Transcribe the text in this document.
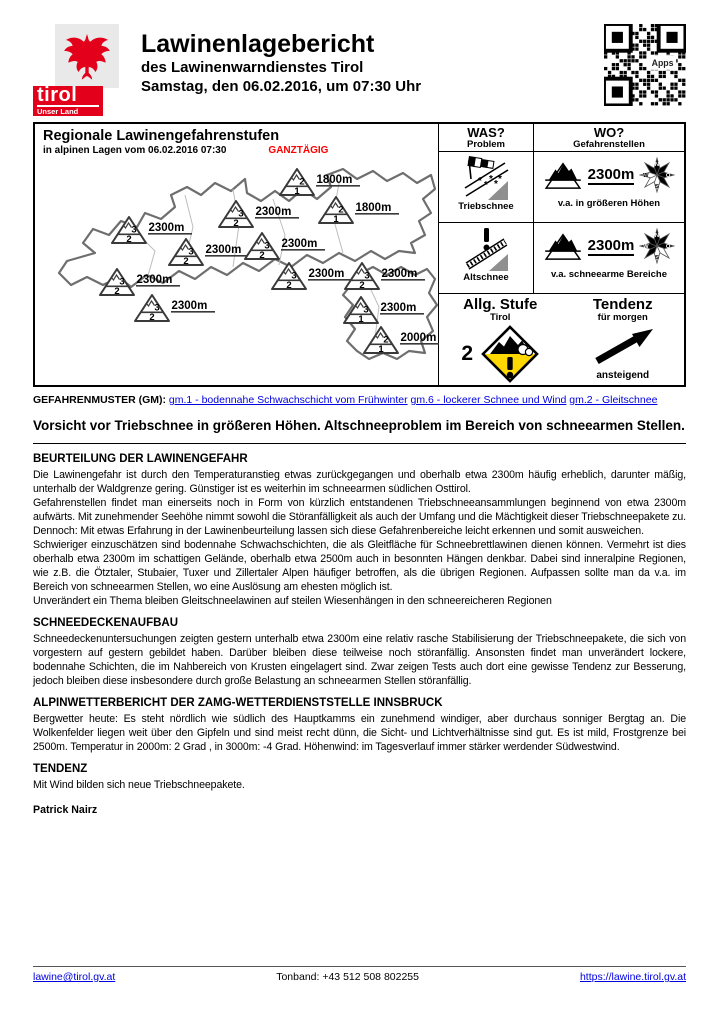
tirol
Unser Land
Lawinenlagebericht
des Lawinenwarndienstes Tirol
Samstag, den 06.02.2016, um 07:30 Uhr
Apps
Regionale Lawinengefahrenstufen
in alpinen Lagen vom 06.02.2016 07:30	GANZTÄGIG
2
1
1800m
2
1
1800m
3
2
2300m
3
2
2300m
3
2
2300m 3
2
2300m
3
2
2300m 3
2
2300m
3
2
2300m
3
2
2300m	3
1
2300m
2
1
2000m
WAS?
Problem
WO?
Gefahrenstellen
* *
* * *
Triebschnee
2300m
N
O
S
W
v.a. in größeren Höhen
Altschnee
2300m
N
O
S
W
v.a. schneearme Bereiche
Allg. Stufe
Tirol
2
Tendenz
für morgen
ansteigend
GEFAHRENMUSTER (GM): gm.1 - bodennahe Schwachschicht vom Frühwinter gm.6 - lockerer Schnee und Wind gm.2 - Gleitschnee
Vorsicht vor Triebschnee in größeren Höhen. Altschneeproblem im Bereich von schneearmen Stellen.
BEURTEILUNG DER LAWINENGEFAHR

Die Lawinengefahr ist durch den Temperaturanstieg etwas zurückgegangen und oberhalb etwa 2300m häufig erheblich, darunter mäßig, unterhalb der Waldgrenze gering. Günstiger ist es weiterhin im schneearmen südlichen Osttirol.

Gefahrenstellen findet man einerseits noch in Form von kürzlich entstandenen Triebschneeansammlungen beginnend von etwa 2300m aufwärts. Mit zunehmender Seehöhe nimmt sowohl die Störanfälligkeit als auch der Umfang und die Mächtigkeit dieser Triebschneepakete zu. Dennoch: Mit etwas Erfahrung in der Lawinenbeurteilung lassen sich diese Gefahrenbereiche leicht erkennen und somit ausweichen.

Schwieriger einzuschätzen sind bodennahe Schwachschichten, die als Gleitfläche für Schneebrettlawinen dienen können. Vermehrt ist dies oberhalb etwa 2300m im schattigen Gelände, oberhalb etwa 2500m auch in besonnten Hängen denkbar. Dabei sind inneralpine Regionen, wie z.B. die Ötztaler, Stubaier, Tuxer und Zillertaler Alpen häufiger betroffen, als die übrigen Regionen. Aufpassen sollte man da v.a. im Bereich von schneearmen Stellen, wo eine Auslösung am ehesten möglich ist.

Unverändert ein Thema bleiben Gleitschneelawinen auf steilen Wiesenhängen in den schneereicheren Regionen

SCHNEEDECKENAUFBAU

Schneedeckenuntersuchungen zeigten gestern unterhalb etwa 2300m eine relativ rasche Stabilisierung der Triebschneepakete, die sich von vorgestern auf gestern gebildet haben. Darüber bleiben diese teilweise noch störanfällig. Ansonsten findet man unverändert lockere, bodennahe Schichten, die im Nahbereich von Krusten eingelagert sind. Zwar zeigen Tests auch dort eine gewisse Tendenz zur Besserung, jedoch bleiben diese insbesondere durch große Belastung an schneearmen Stellen störanfällig.

ALPINWETTERBERICHT DER ZAMG-WETTERDIENSTSTELLE INNSBRUCK

Bergwetter heute: Es steht nördlich wie südlich des Hauptkamms ein zunehmend windiger, aber durchaus sonniger Bergtag an. Die Wolkenfelder liegen weit über den Gipfeln und sind meist recht dünn, die Sicht- und Lichtverhältnisse sind gut. Es ist mild, Frostgrenze bei 2500m. Temperatur in 2000m: 2 Grad , in 3000m: -4 Grad. Höhenwind: im Tagesverlauf immer stärker werdender Südwestwind.

TENDENZ

Mit Wind bilden sich neue Triebschneepakete.

Patrick Nairz
lawine@tirol.gv.at	Tonband: +43 512 508 802255	https://lawine.tirol.gv.at
